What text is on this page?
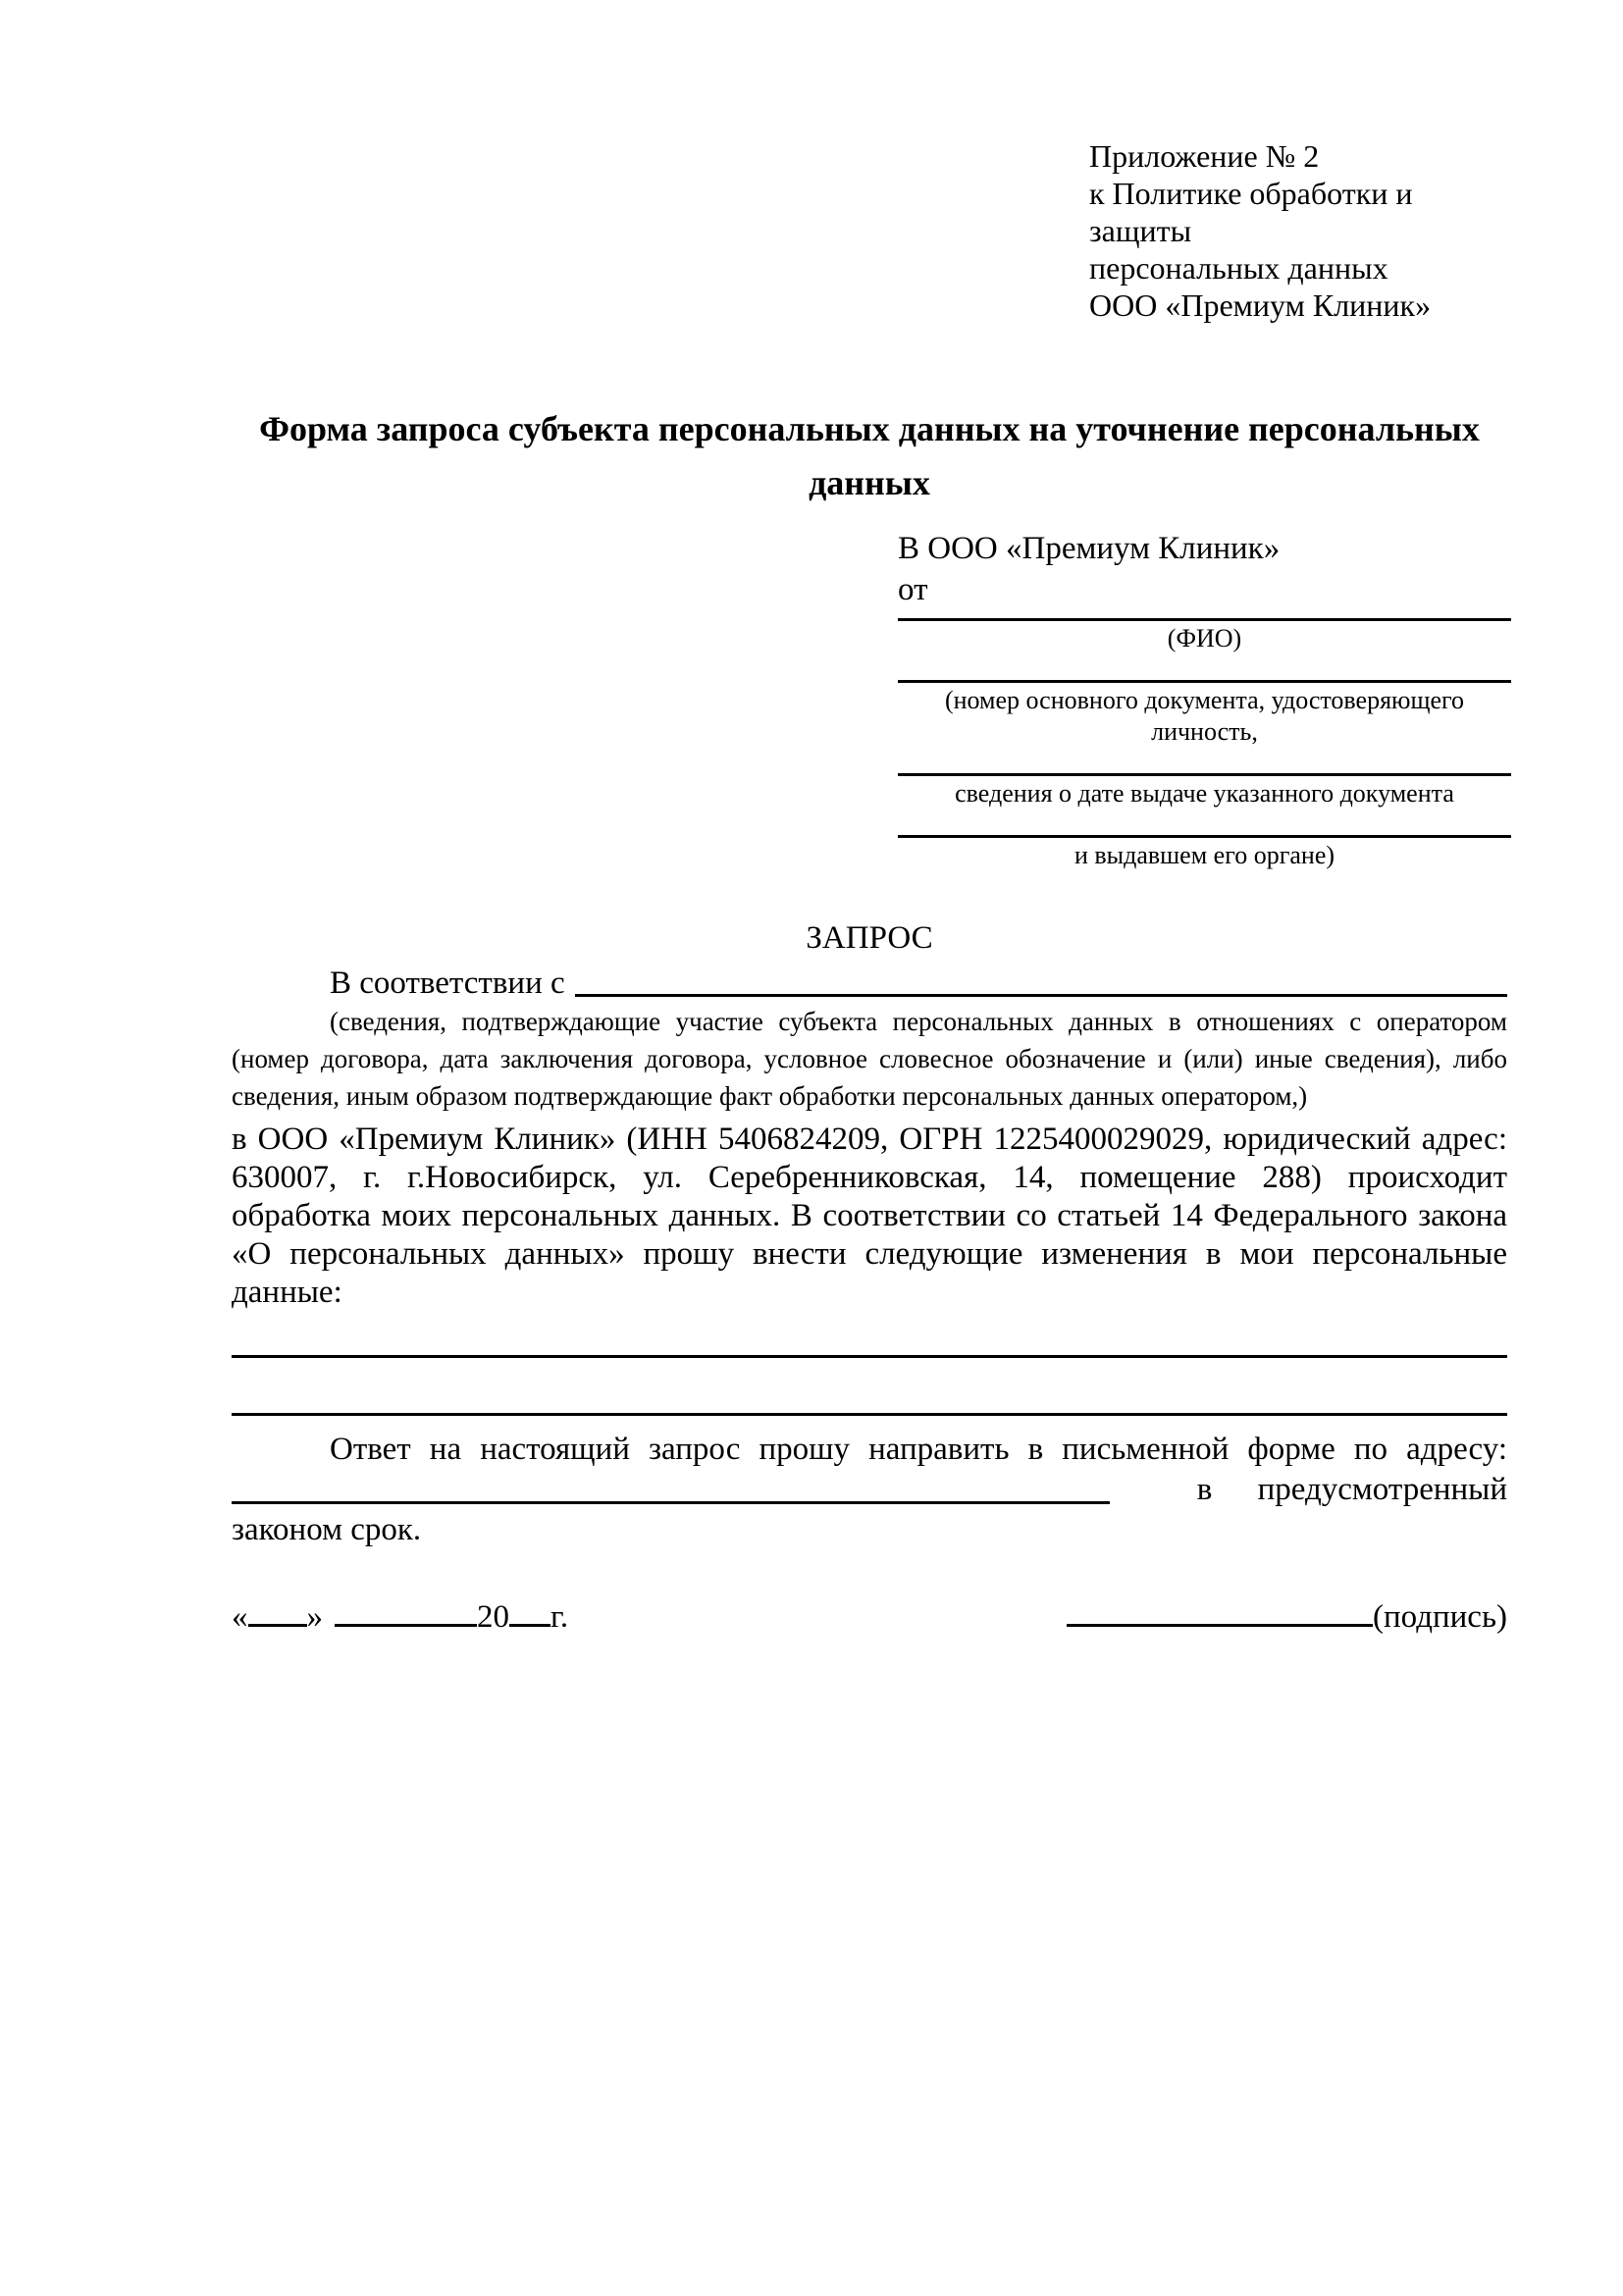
Приложение № 2
к Политике обработки и защиты
персональных данных
ООО «Премиум Клиник»
Форма запроса субъекта персональных данных на уточнение персональных данных
В ООО «Премиум Клиник»
от
(ФИО)
(номер основного документа, удостоверяющего личность,
сведения о дате выдаче указанного документа
и выдавшем его органе)
ЗАПРОС
В соответствии с
(сведения, подтверждающие участие субъекта персональных данных в отношениях с оператором (номер договора, дата заключения договора, условное словесное обозначение и (или) иные сведения), либо сведения, иным образом подтверждающие факт обработки персональных данных оператором,)
в ООО «Премиум Клиник» (ИНН 5406824209, ОГРН 1225400029029, юридический адрес: 630007, г. г.Новосибирск, ул. Серебренниковская, 14, помещение 288) происходит обработка моих персональных данных. В соответствии со статьей 14 Федерального закона «О персональных данных» прошу внести следующие изменения в мои персональные данные:
Ответ на настоящий запрос прошу направить в письменной форме по адресу:
в предусмотренный
законом срок.
« »	20 г.	(подпись)
